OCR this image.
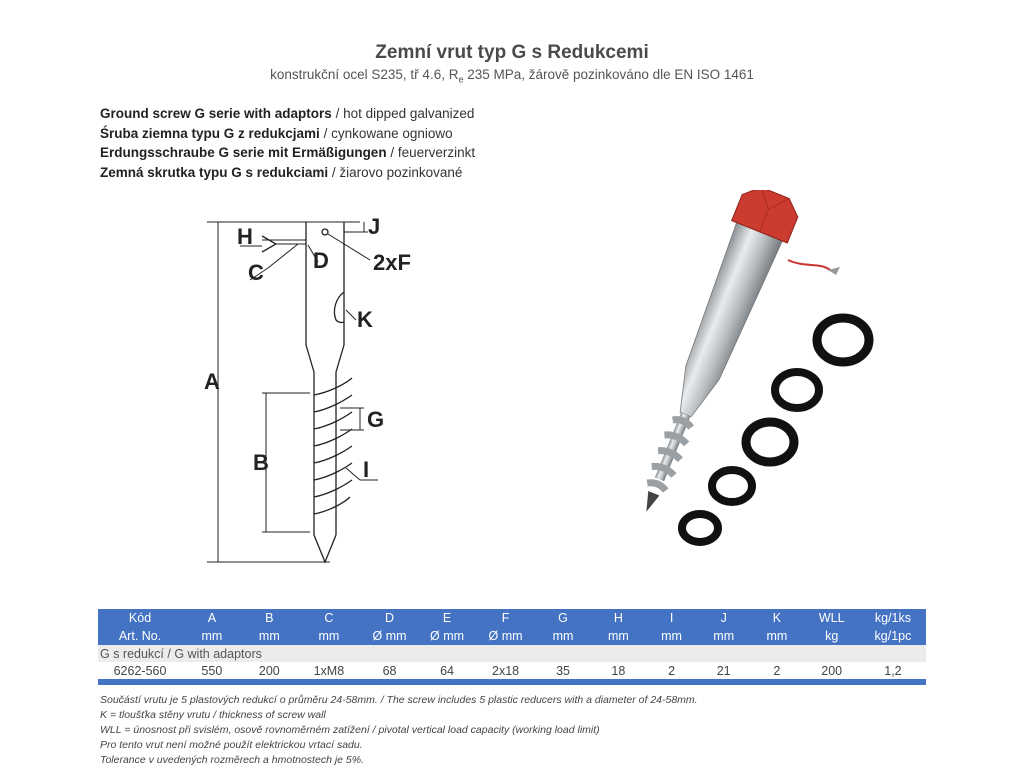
Zemní vrut typ G s Redukcemi
konstrukční ocel S235, tř 4.6, $R_e$ 235 MPa, žárově pozinkováno dle EN ISO 1461
Ground screw G serie with adaptors / hot dipped galvanized
Śruba ziemna typu G z redukcjami / cynkowane ogniowo
Erdungsschraube G serie mit Ermäßigungen / feuerverzinkt
Zemná skrutka typu G s redukciami / žiarovo pozinkované
A
B
C D 2xF
G
H
I
J
K
Kód	A	B	C	D	E	F	G	H	I	J	K	WLL	kg/1ks
Art. No.	mm	mm	mm	Ø mm	Ø mm	Ø mm	mm	mm	mm	mm	mm	kg	kg/1pc
G s redukcí / G with adaptors													
6262-560	550	200	1xM8	68	64	2x18	35	18	2	21	2	200	1,2

Součástí vrutu je 5 plastových redukcí o průměru 24-58mm. / The screw includes 5 plastic reducers with a diameter of 24-58mm.
K = tloušťka stěny vrutu / thickness of screw wall
WLL = únosnost při svislém, osově rovnoměrném zatížení / pivotal vertical load capacity (working load limit)
Pro tento vrut není možné použít elektrickou vrtací sadu.
Tolerance v uvedených rozměrech a hmotnostech je 5%.
